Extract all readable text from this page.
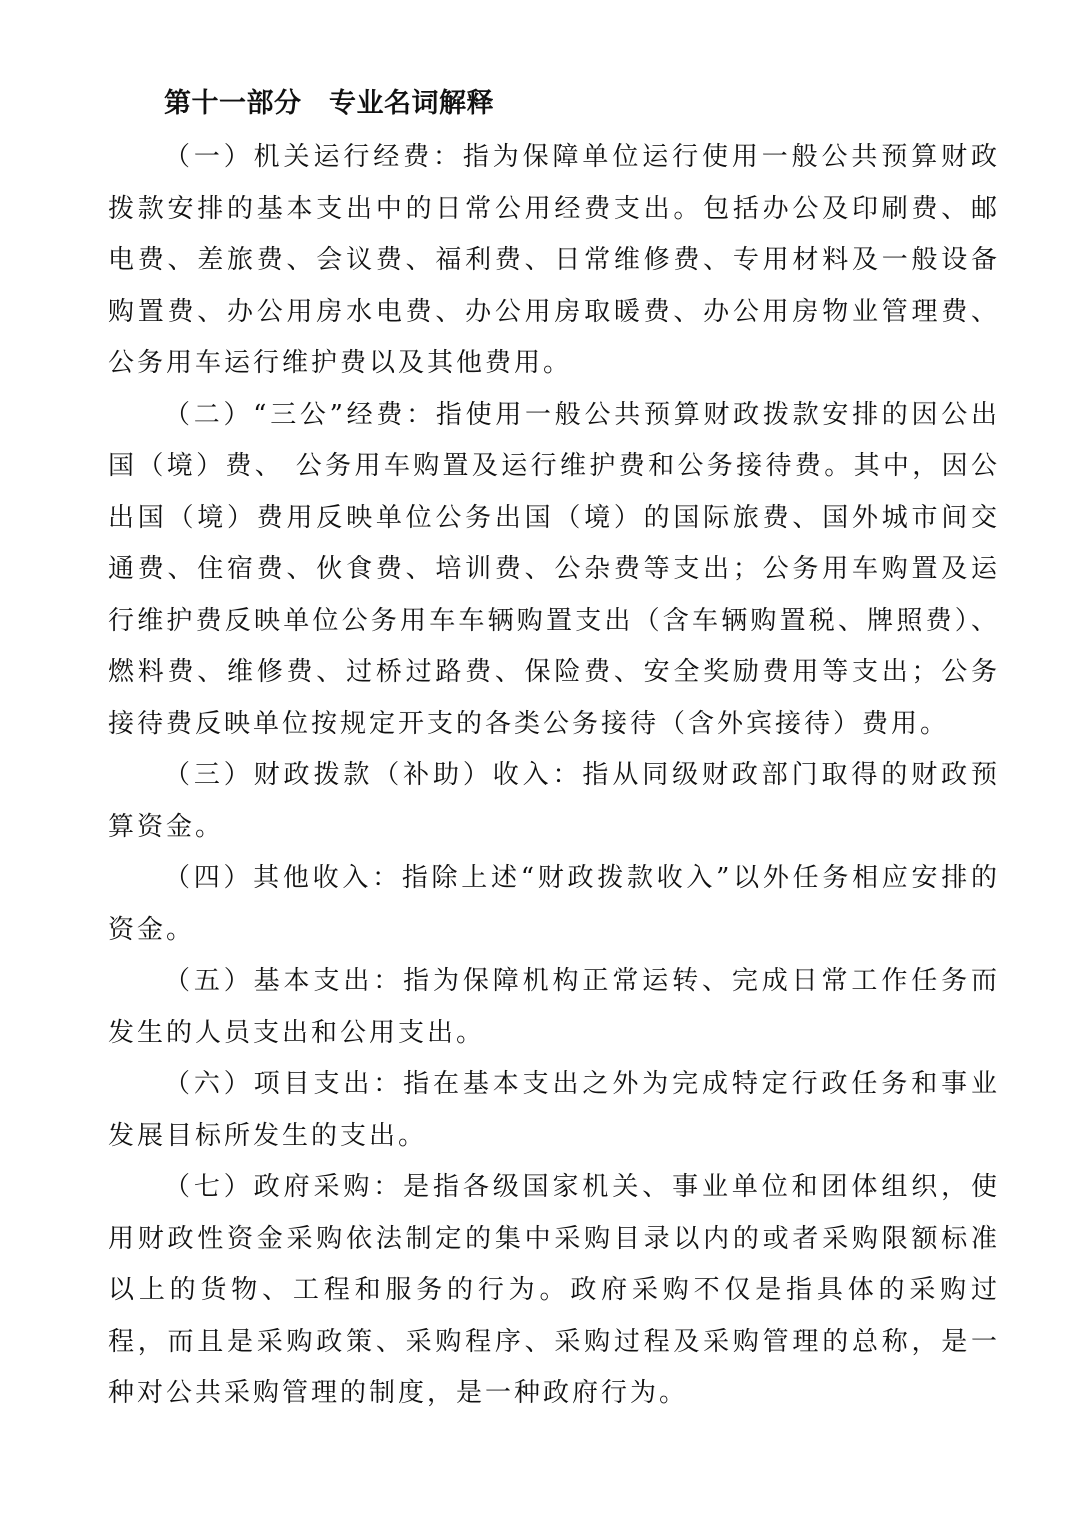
第十一部分　专业名词解释

（一）机关运行经费：指为保障单位运行使用一般公共预算财政拨款安排的基本支出中的日常公用经费支出。包括办公及印刷费、邮电费、差旅费、会议费、福利费、日常维修费、专用材料及一般设备购置费、办公用房水电费、办公用房取暖费、办公用房物业管理费、公务用车运行维护费以及其他费用。

（二）“三公”经费：指使用一般公共预算财政拨款安排的因公出国（境）费、 公务用车购置及运行维护费和公务接待费。其中，因公出国（境）费用反映单位公务出国（境）的国际旅费、国外城市间交通费、住宿费、伙食费、培训费、公杂费等支出；公务用车购置及运行维护费反映单位公务用车车辆购置支出（含车辆购置税、牌照费）、燃料费、维修费、过桥过路费、保险费、安全奖励费用等支出；公务接待费反映单位按规定开支的各类公务接待（含外宾接待）费用。

（三）财政拨款（补助）收入：指从同级财政部门取得的财政预算资金。

（四）其他收入：指除上述“财政拨款收入”以外任务相应安排的资金。

（五）基本支出：指为保障机构正常运转、完成日常工作任务而发生的人员支出和公用支出。

（六）项目支出：指在基本支出之外为完成特定行政任务和事业发展目标所发生的支出。

（七）政府采购：是指各级国家机关、事业单位和团体组织，使用财政性资金采购依法制定的集中采购目录以内的或者采购限额标准以上的货物、工程和服务的行为。政府采购不仅是指具体的采购过程，而且是采购政策、采购程序、采购过程及采购管理的总称，是一种对公共采购管理的制度，是一种政府行为。
